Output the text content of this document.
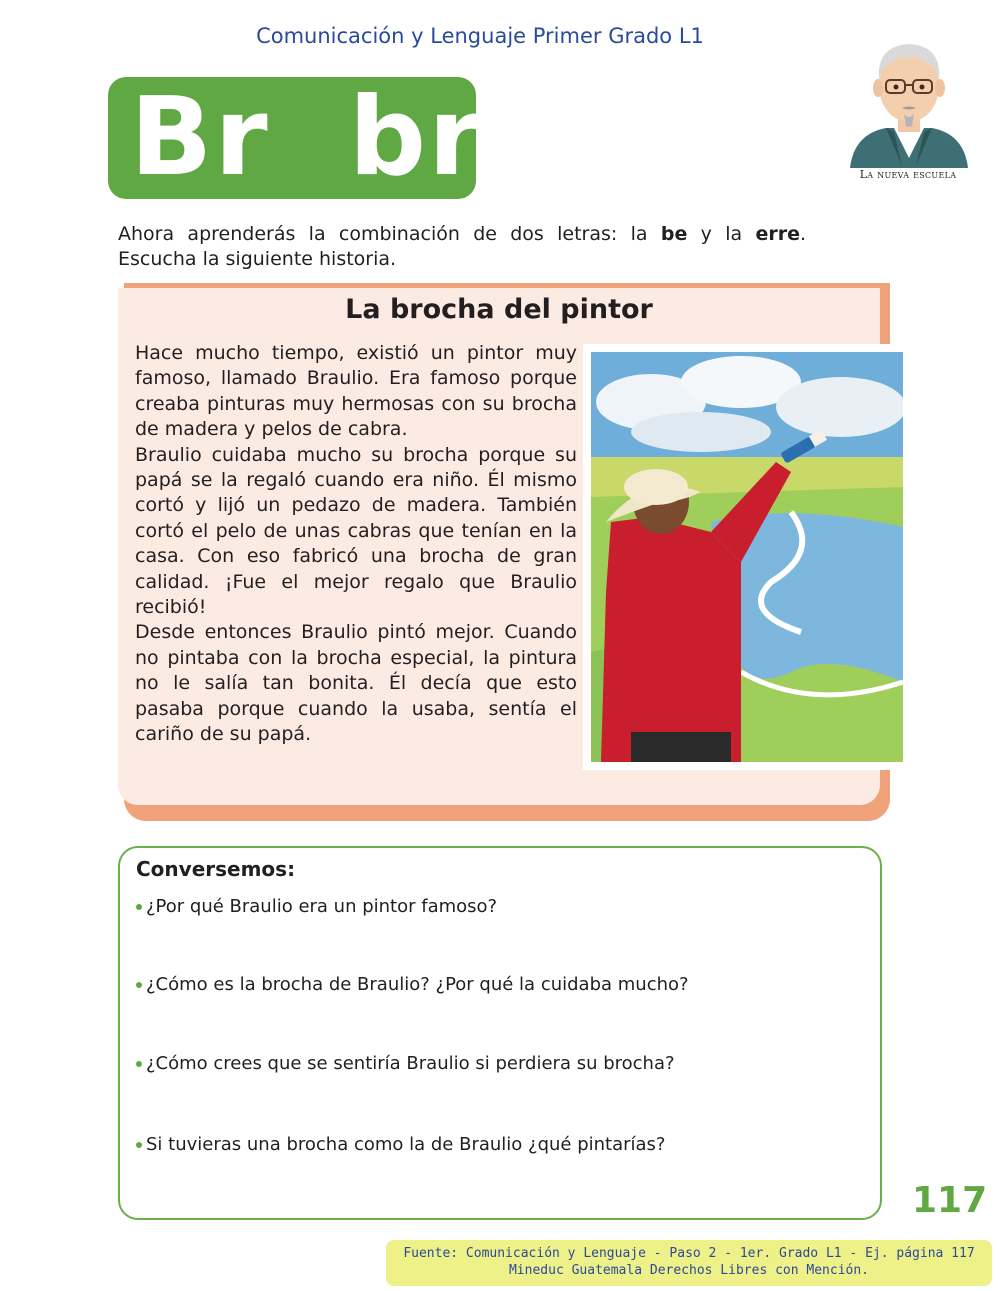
Comunicación y Lenguaje Primer Grado L1
Br  br	La nueva escuela
Ahora aprenderás la combinación de dos letras: la be y la erre.
Escucha la siguiente historia.
La brocha del pintor

Hace mucho tiempo, existió un pintor muy famoso, llamado Braulio. Era famoso porque creaba pinturas muy hermosas con su brocha de madera y pelos de cabra.

Braulio cuidaba mucho su brocha porque su papá se la regaló cuando era niño. Él mismo cortó y lijó un pedazo de madera. También cortó el pelo de unas cabras que tenían en la casa. Con eso fabricó una brocha de gran calidad. ¡Fue el mejor regalo que Braulio recibió!

Desde entonces Braulio pintó mejor. Cuando no pintaba con la brocha especial, la pintura no le salía tan bonita. Él decía que esto pasaba porque cuando la usaba, sentía el cariño de su papá.

Conversemos:
¿Por qué Braulio era un pintor famoso?
¿Cómo es la brocha de Braulio? ¿Por qué la cuidaba mucho?
¿Cómo crees que se sentiría Braulio si perdiera su brocha?
Si tuvieras una brocha como la de Braulio ¿qué pintarías?
117
Fuente: Comunicación y Lenguaje - Paso 2 - 1er. Grado L1 - Ej. página 117
Mineduc Guatemala Derechos Libres con Mención.
